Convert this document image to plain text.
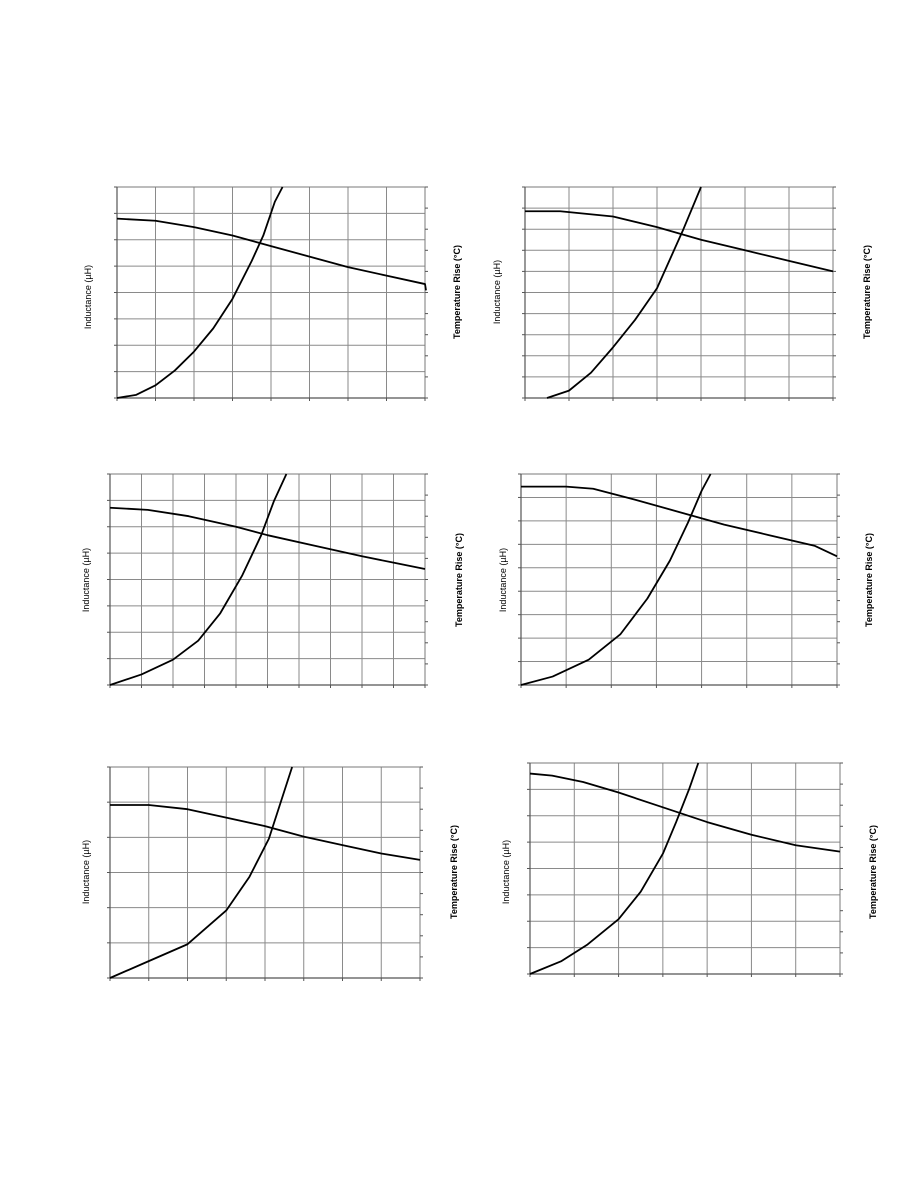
Inductance (µH)	Temperature Rise (°C)	Inductance (µH)	Temperature Rise (°C)
Inductance (µH)	Temperature Rise (°C)	Inductance (µH)	Temperature Rise (°C)
Inductance (µH)	Temperature Rise (°C)	Inductance (µH)	Temperature Rise (°C)
